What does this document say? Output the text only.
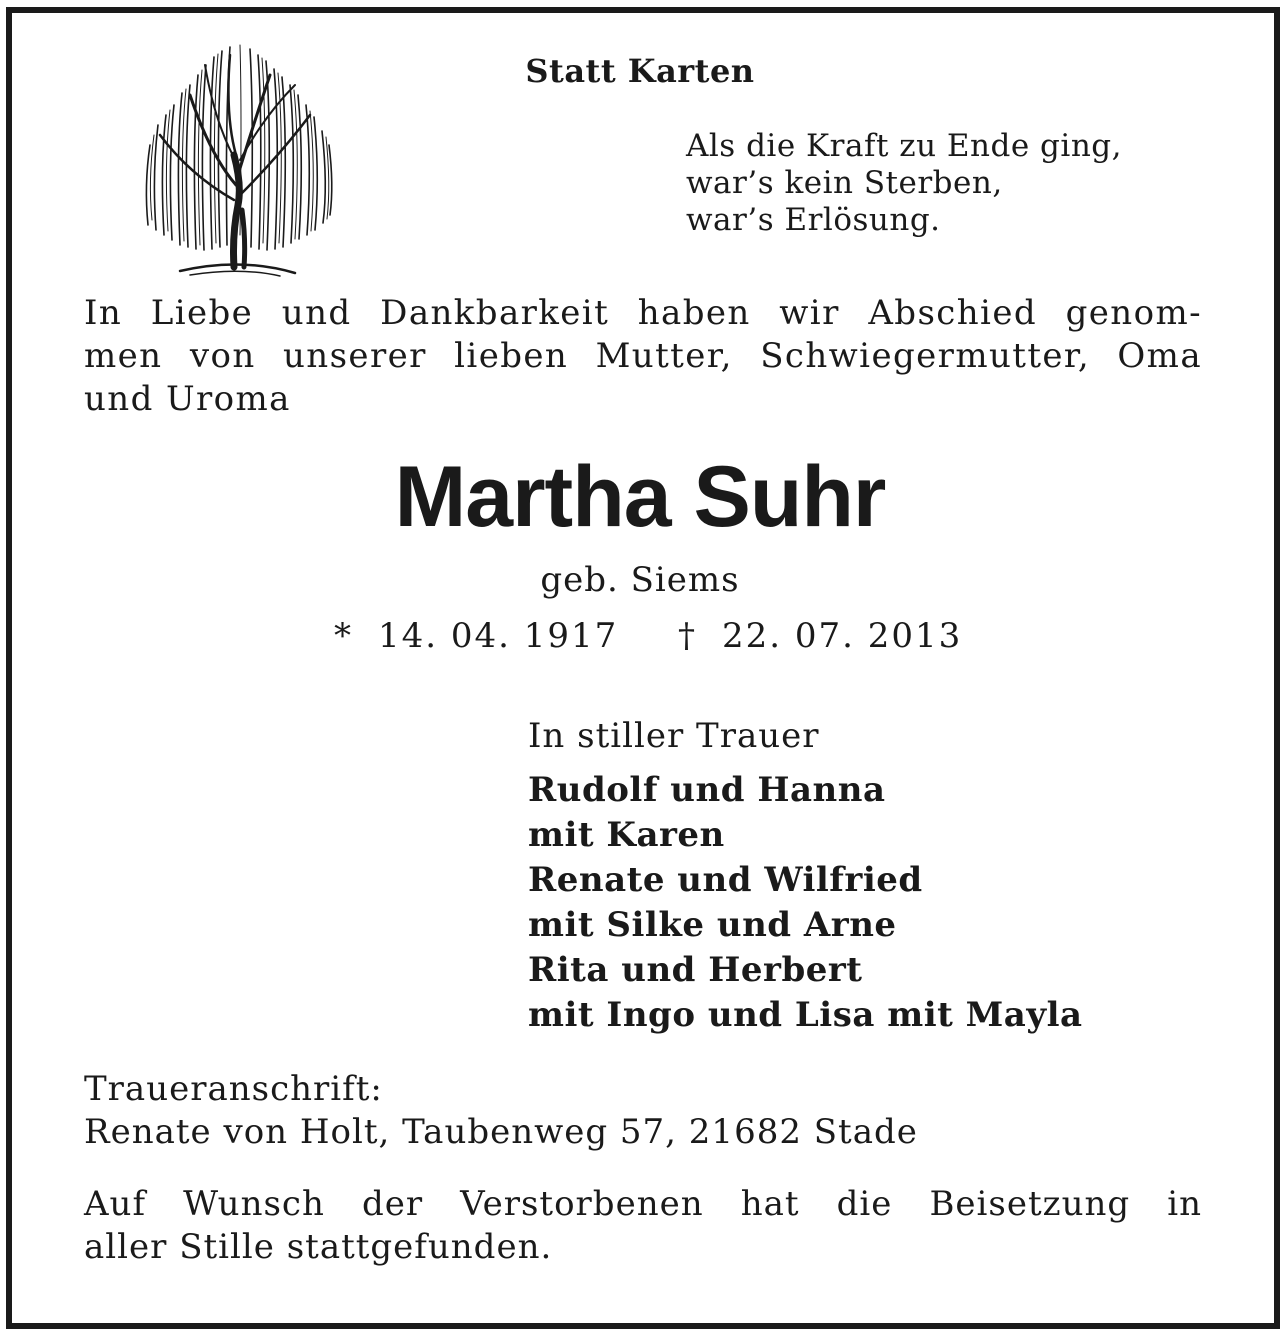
Statt Karten
Als die Kraft zu Ende ging,
war’s kein Sterben,
war’s Erlösung.
In Liebe und Dankbarkeit haben wir Abschied genom-
men von unserer lieben Mutter, Schwiegermutter, Oma
und Uroma
Martha Suhr
geb. Siems
* 14. 04. 1917 † 22. 07. 2013
In stiller Trauer
Rudolf und Hanna
mit Karen
Renate und Wilfried
mit Silke und Arne
Rita und Herbert
mit Ingo und Lisa mit Mayla
Traueranschrift:
Renate von Holt, Taubenweg 57, 21682 Stade
Auf Wunsch der Verstorbenen hat die Beisetzung in
aller Stille stattgefunden.
